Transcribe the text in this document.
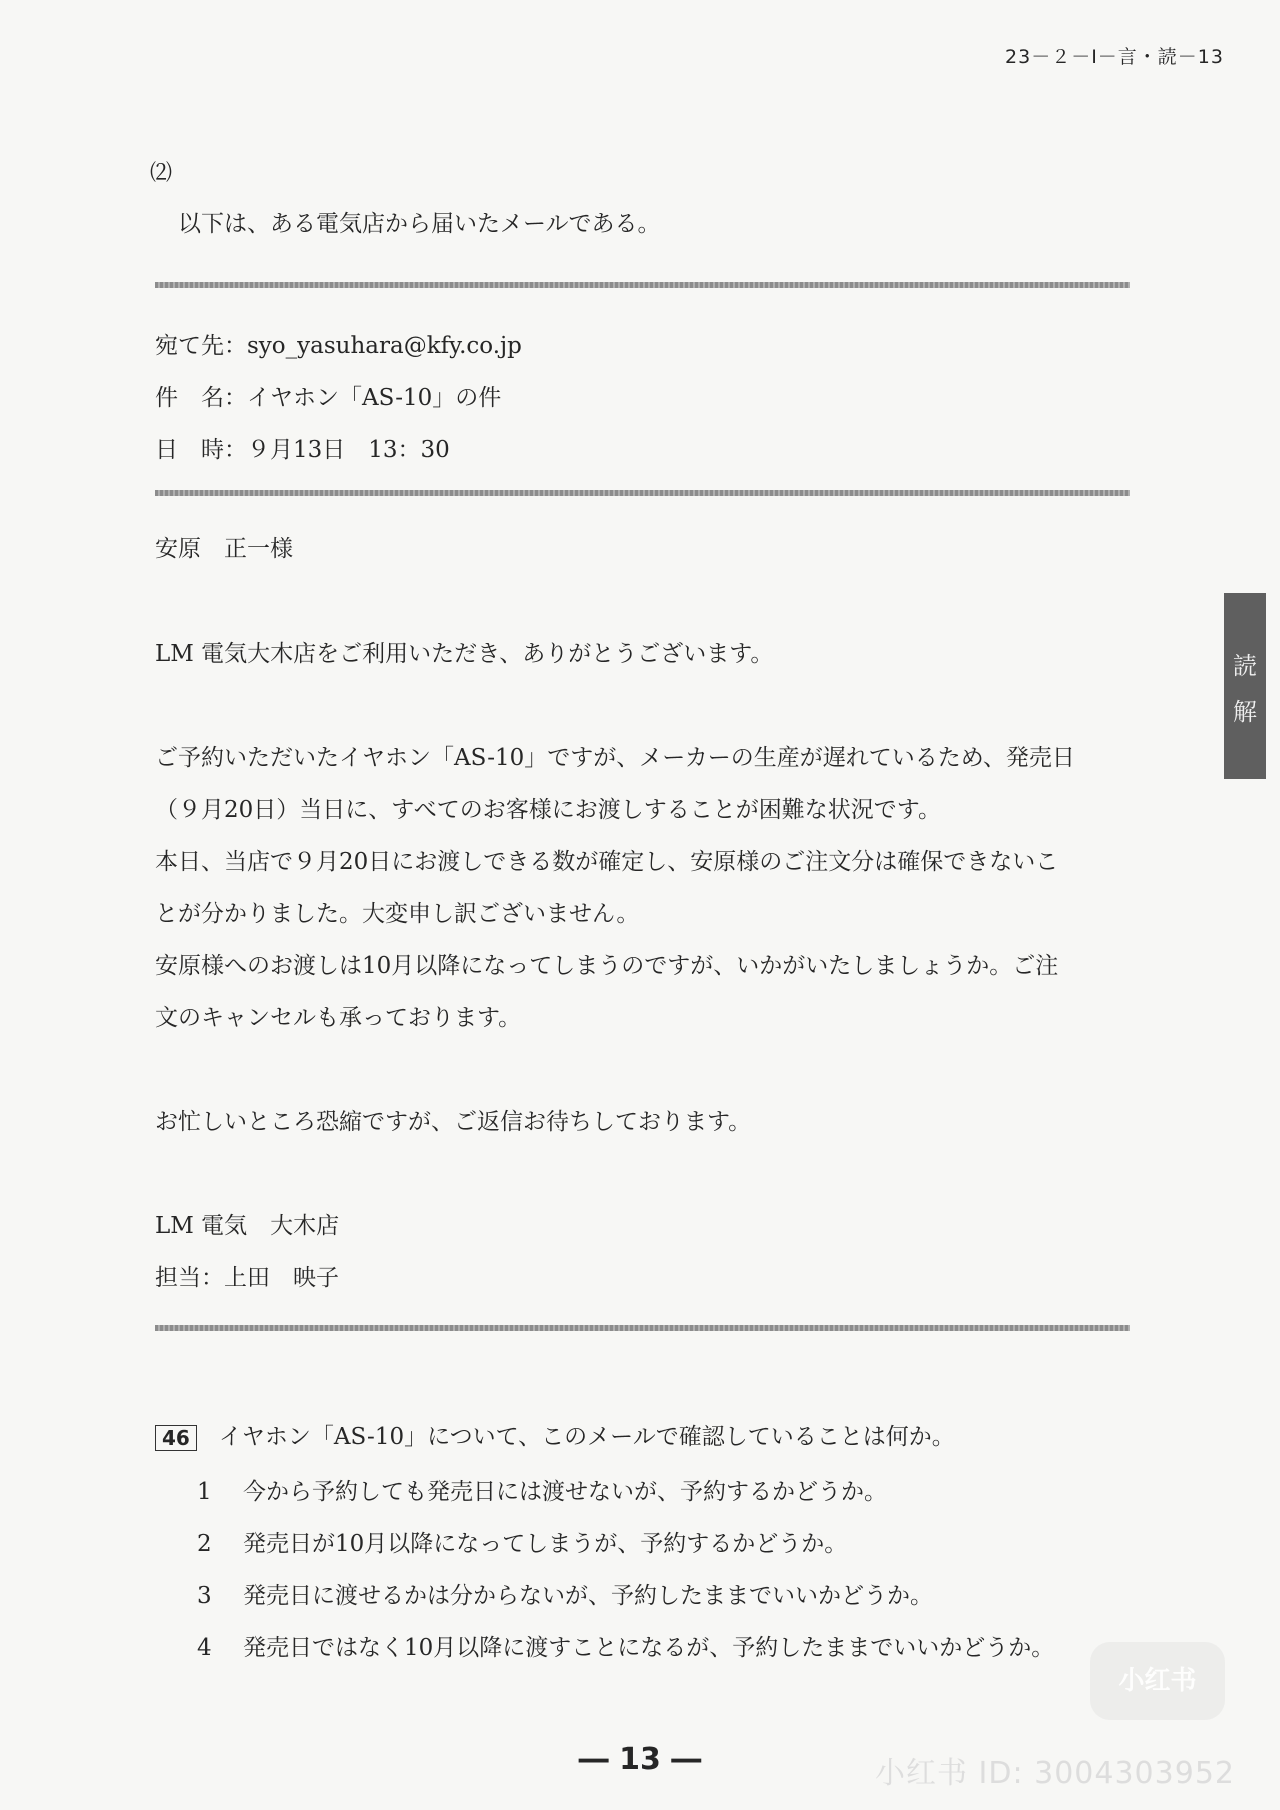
23－２－Ⅰ－言・読－13
⑵
以下は、ある電気店から届いたメールである。
宛て先：syo_yasuhara@kfy.co.jp
件　名：イヤホン「AS-10」の件
日　時：９月13日　13：30
安原　正一様
LM 電気大木店をご利用いただき、ありがとうございます。
ご予約いただいたイヤホン「AS-10」ですが、メーカーの生産が遅れているため、発売日
（９月20日）当日に、すべてのお客様にお渡しすることが困難な状況です。
本日、当店で９月20日にお渡しできる数が確定し、安原様のご注文分は確保できないこ
とが分かりました。大変申し訳ございません。
安原様へのお渡しは10月以降になってしまうのですが、いかがいたしましょうか。ご注
文のキャンセルも承っております。
お忙しいところ恐縮ですが、ご返信お待ちしております。
LM 電気　大木店
担当：上田　映子
46 イヤホン「AS-10」について、このメールで確認していることは何か。
1 今から予約しても発売日には渡せないが、予約するかどうか。
2 発売日が10月以降になってしまうが、予約するかどうか。
3 発売日に渡せるかは分からないが、予約したままでいいかどうか。
4 発売日ではなく10月以降に渡すことになるが、予約したままでいいかどうか。
読
解
小红书
― 13 ―	小红书 ID: 3004303952
